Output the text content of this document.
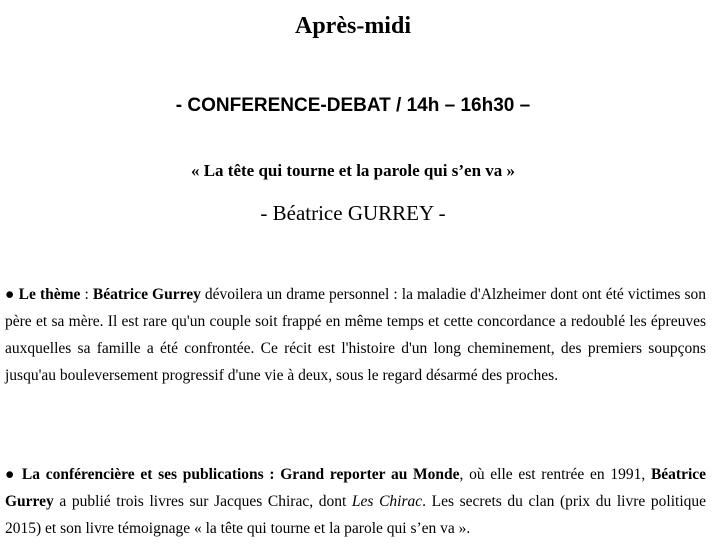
Après-midi
- CONFERENCE-DEBAT / 14h – 16h30 –
« La tête qui tourne et la parole qui s’en va »
- Béatrice GURREY -
● Le thème : Béatrice Gurrey dévoilera un drame personnel : la maladie d'Alzheimer dont ont été victimes son père et sa mère. Il est rare qu'un couple soit frappé en même temps et cette concordance a redoublé les épreuves auxquelles sa famille a été confrontée. Ce récit est l'histoire d'un long cheminement, des premiers soupçons jusqu'au bouleversement progressif d'une vie à deux, sous le regard désarmé des proches.
● La conférencière et ses publications : Grand reporter au Monde, où elle est rentrée en 1991, Béatrice Gurrey a publié trois livres sur Jacques Chirac, dont Les Chirac. Les secrets du clan (prix du livre politique 2015) et son livre témoignage « la tête qui tourne et la parole qui s’en va ».
